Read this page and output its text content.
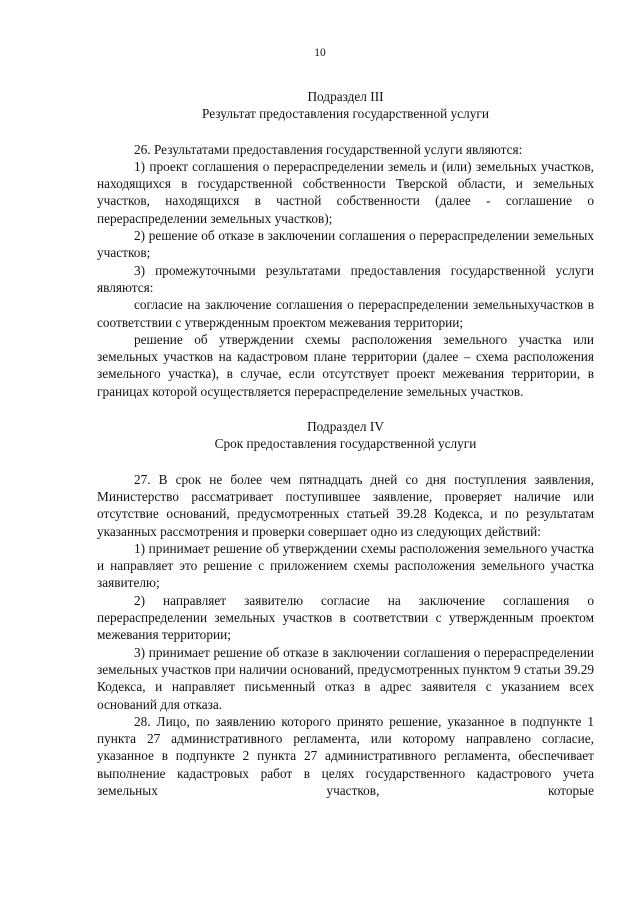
10
Подраздел III
Результат предоставления государственной услуги
26. Результатами предоставления государственной услуги являются:
1) проект соглашения о перераспределении земель и (или) земельных участков, находящихся в государственной собственности Тверской области, и земельных участков, находящихся в частной собственности (далее - соглашение о перераспределении земельных участков);
2) решение об отказе в заключении соглашения о перераспределении земельных участков;
3) промежуточными результатами предоставления государственной услуги являются:
согласие на заключение соглашения о перераспределении земельныхучастков в соответствии с утвержденным проектом межевания территории;
решение об утверждении схемы расположения земельного участка или земельных участков на кадастровом плане территории (далее – схема расположения земельного участка), в случае, если отсутствует проект межевания территории, в границах которой осуществляется перераспределение земельных участков.
Подраздел IV
Срок предоставления государственной услуги
27. В срок не более чем пятнадцать дней со дня поступления заявления, Министерство рассматривает поступившее заявление, проверяет наличие или отсутствие оснований, предусмотренных статьей 39.28 Кодекса, и по результатам указанных рассмотрения и проверки совершает одно из следующих действий:
1) принимает решение об утверждении схемы расположения земельного участка и направляет это решение с приложением схемы расположения земельного участка заявителю;
2) направляет заявителю согласие на заключение соглашения о перераспределении земельных участков в соответствии с утвержденным проектом межевания территории;
3) принимает решение об отказе в заключении соглашения о перераспределении земельных участков при наличии оснований, предусмотренных пунктом 9 статьи 39.29 Кодекса, и направляет письменный отказ в адрес заявителя с указанием всех оснований для отказа.
28. Лицо, по заявлению которого принято решение, указанное в подпункте 1 пункта 27 административного регламента, или которому направлено согласие, указанное в подпункте 2 пункта 27 административного регламента, обеспечивает выполнение кадастровых работ в целях государственного кадастрового учета земельных участков, которые
